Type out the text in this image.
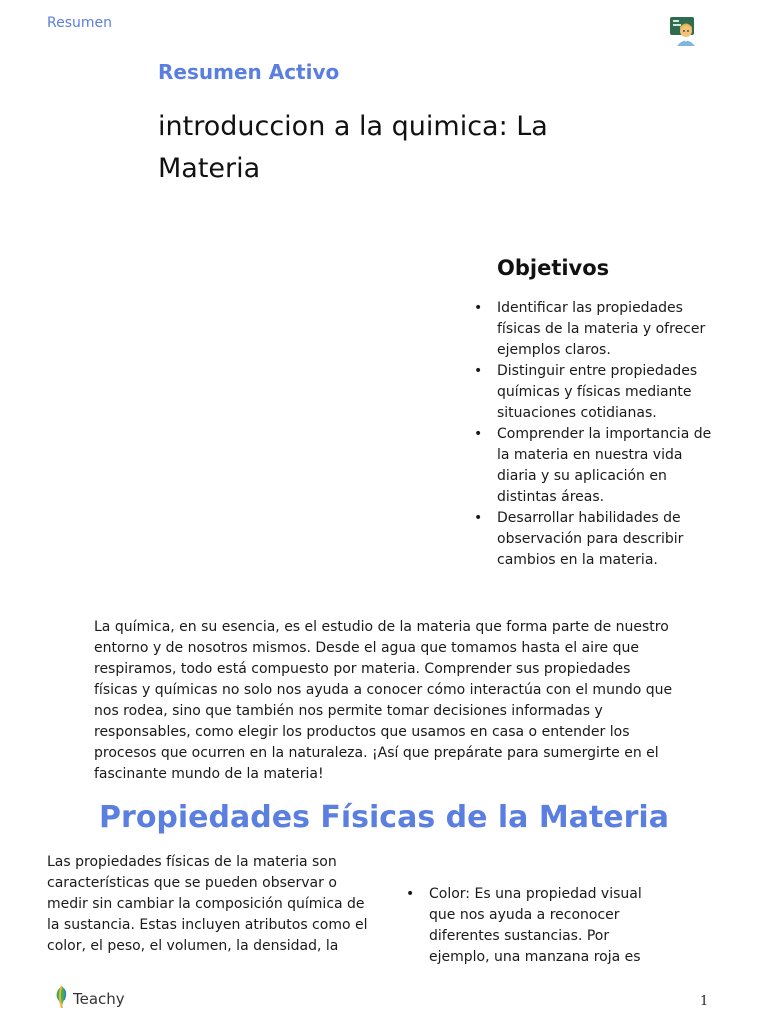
Resumen
Resumen Activo
introduccion a la quimica: La Materia
Objetivos
• Identificar las propiedades físicas de la materia y ofrecer ejemplos claros.
• Distinguir entre propiedades químicas y físicas mediante situaciones cotidianas.
• Comprender la importancia de la materia en nuestra vida diaria y su aplicación en distintas áreas.
• Desarrollar habilidades de observación para describir cambios en la materia.

La química, en su esencia, es el estudio de la materia que forma parte de nuestro entorno y de nosotros mismos. Desde el agua que tomamos hasta el aire que respiramos, todo está compuesto por materia. Comprender sus propiedades físicas y químicas no solo nos ayuda a conocer cómo interactúa con el mundo que nos rodea, sino que también nos permite tomar decisiones informadas y responsables, como elegir los productos que usamos en casa o entender los procesos que ocurren en la naturaleza. ¡Así que prepárate para sumergirte en el fascinante mundo de la materia!

Propiedades Físicas de la Materia

Las propiedades físicas de la materia son características que se pueden observar o medir sin cambiar la composición química de la sustancia. Estas incluyen atributos como el color, el peso, el volumen, la densidad, la

• Color: Es una propiedad visual que nos ayuda a reconocer diferentes sustancias. Por ejemplo, una manzana roja es
Teachy	1
